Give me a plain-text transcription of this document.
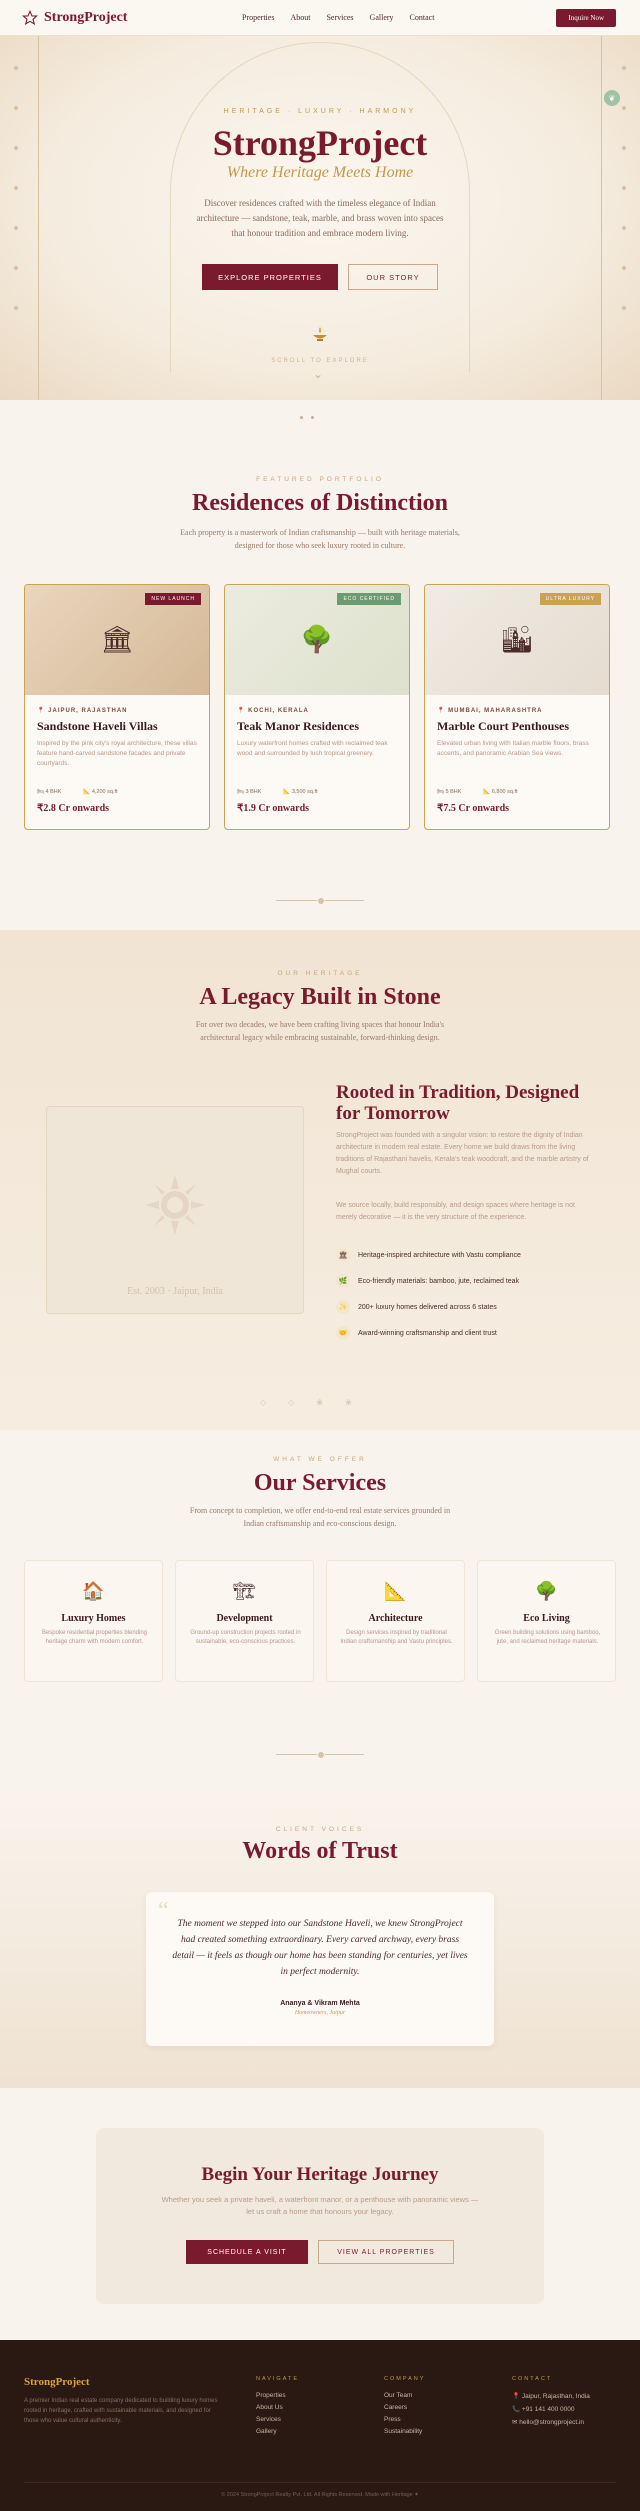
StrongProject	Properties About Services Gallery Contact	Inquire Now
❦
HERITAGE · LUXURY · HARMONY
StrongProject
Where Heritage Meets Home
Discover residences crafted with the timeless elegance of Indian architecture — sandstone, teak, marble, and brass woven into spaces that honour tradition and embrace modern living.
EXPLORE PROPERTIES	OUR STORY
SCROLL TO EXPLORE
⌄
FEATURED PORTFOLIO
Residences of Distinction
Each property is a masterwork of Indian craftsmanship — built with heritage materials, designed for those who seek luxury rooted in culture.
🏛
NEW LAUNCH
📍 JAIPUR, RAJASTHAN
Sandstone Haveli Villas
Inspired by the pink city's royal architecture, these villas feature hand-carved sandstone facades and private courtyards.
🛏 4 BHK	📐 4,200 sq.ft
₹2.8 Cr onwards
🌳
ECO CERTIFIED
📍 KOCHI, KERALA
Teak Manor Residences
Luxury waterfront homes crafted with reclaimed teak wood and surrounded by lush tropical greenery.
🛏 3 BHK	📐 3,500 sq.ft
₹1.9 Cr onwards
🏙
ULTRA LUXURY
📍 MUMBAI, MAHARASHTRA
Marble Court Penthouses
Elevated urban living with Italian marble floors, brass accents, and panoramic Arabian Sea views.
🛏 5 BHK	📐 6,800 sq.ft
₹7.5 Cr onwards
OUR HERITAGE
A Legacy Built in Stone
For over two decades, we have been crafting living spaces that honour India's architectural legacy while embracing sustainable, forward-thinking design.
Est. 2003 · Jaipur, India
Rooted in Tradition, Designed for Tomorrow
StrongProject was founded with a singular vision: to restore the dignity of Indian architecture in modern real estate. Every home we build draws from the living traditions of Rajasthani havelis, Kerala's teak woodcraft, and the marble artistry of Mughal courts.
We source locally, build responsibly, and design spaces where heritage is not merely decorative — it is the very structure of the experience.
🏛	Heritage-inspired architecture with Vastu compliance
🌿	Eco-friendly materials: bamboo, jute, reclaimed teak
✨	200+ luxury homes delivered across 6 states
🤝	Award-winning craftsmanship and client trust
◇	◇	❀	❀
WHAT WE OFFER
Our Services
From concept to completion, we offer end-to-end real estate services grounded in Indian craftsmanship and eco-conscious design.
🏠
Luxury Homes
Bespoke residential properties blending heritage charm with modern comfort.
🏗
Development
Ground-up construction projects rooted in sustainable, eco-conscious practices.
📐
Architecture
Design services inspired by traditional Indian craftsmanship and Vastu principles.
🌳
Eco Living
Green building solutions using bamboo, jute, and reclaimed heritage materials.
CLIENT VOICES
Words of Trust
“ The moment we stepped into our Sandstone Haveli, we knew StrongProject had created something extraordinary. Every carved archway, every brass detail — it feels as though our home has been standing for centuries, yet lives in perfect modernity.
Ananya & Vikram Mehta
Homeowners, Jaipur
Begin Your Heritage Journey
Whether you seek a private haveli, a waterfront manor, or a penthouse with panoramic views — let us craft a home that honours your legacy.
SCHEDULE A VISIT	VIEW ALL PROPERTIES
StrongProject
A premier Indian real estate company dedicated to building luxury homes rooted in heritage, crafted with sustainable materials, and designed for those who value cultural authenticity.
NAVIGATE
Properties
About Us
Services
Gallery
COMPANY
Our Team
Careers
Press
Sustainability
CONTACT
📍 Jaipur, Rajasthan, India
📞 +91 141 400 0000
✉ hello@strongproject.in
© 2024 StrongProject Realty Pvt. Ltd. All Rights Reserved. Made with Heritage ✦
